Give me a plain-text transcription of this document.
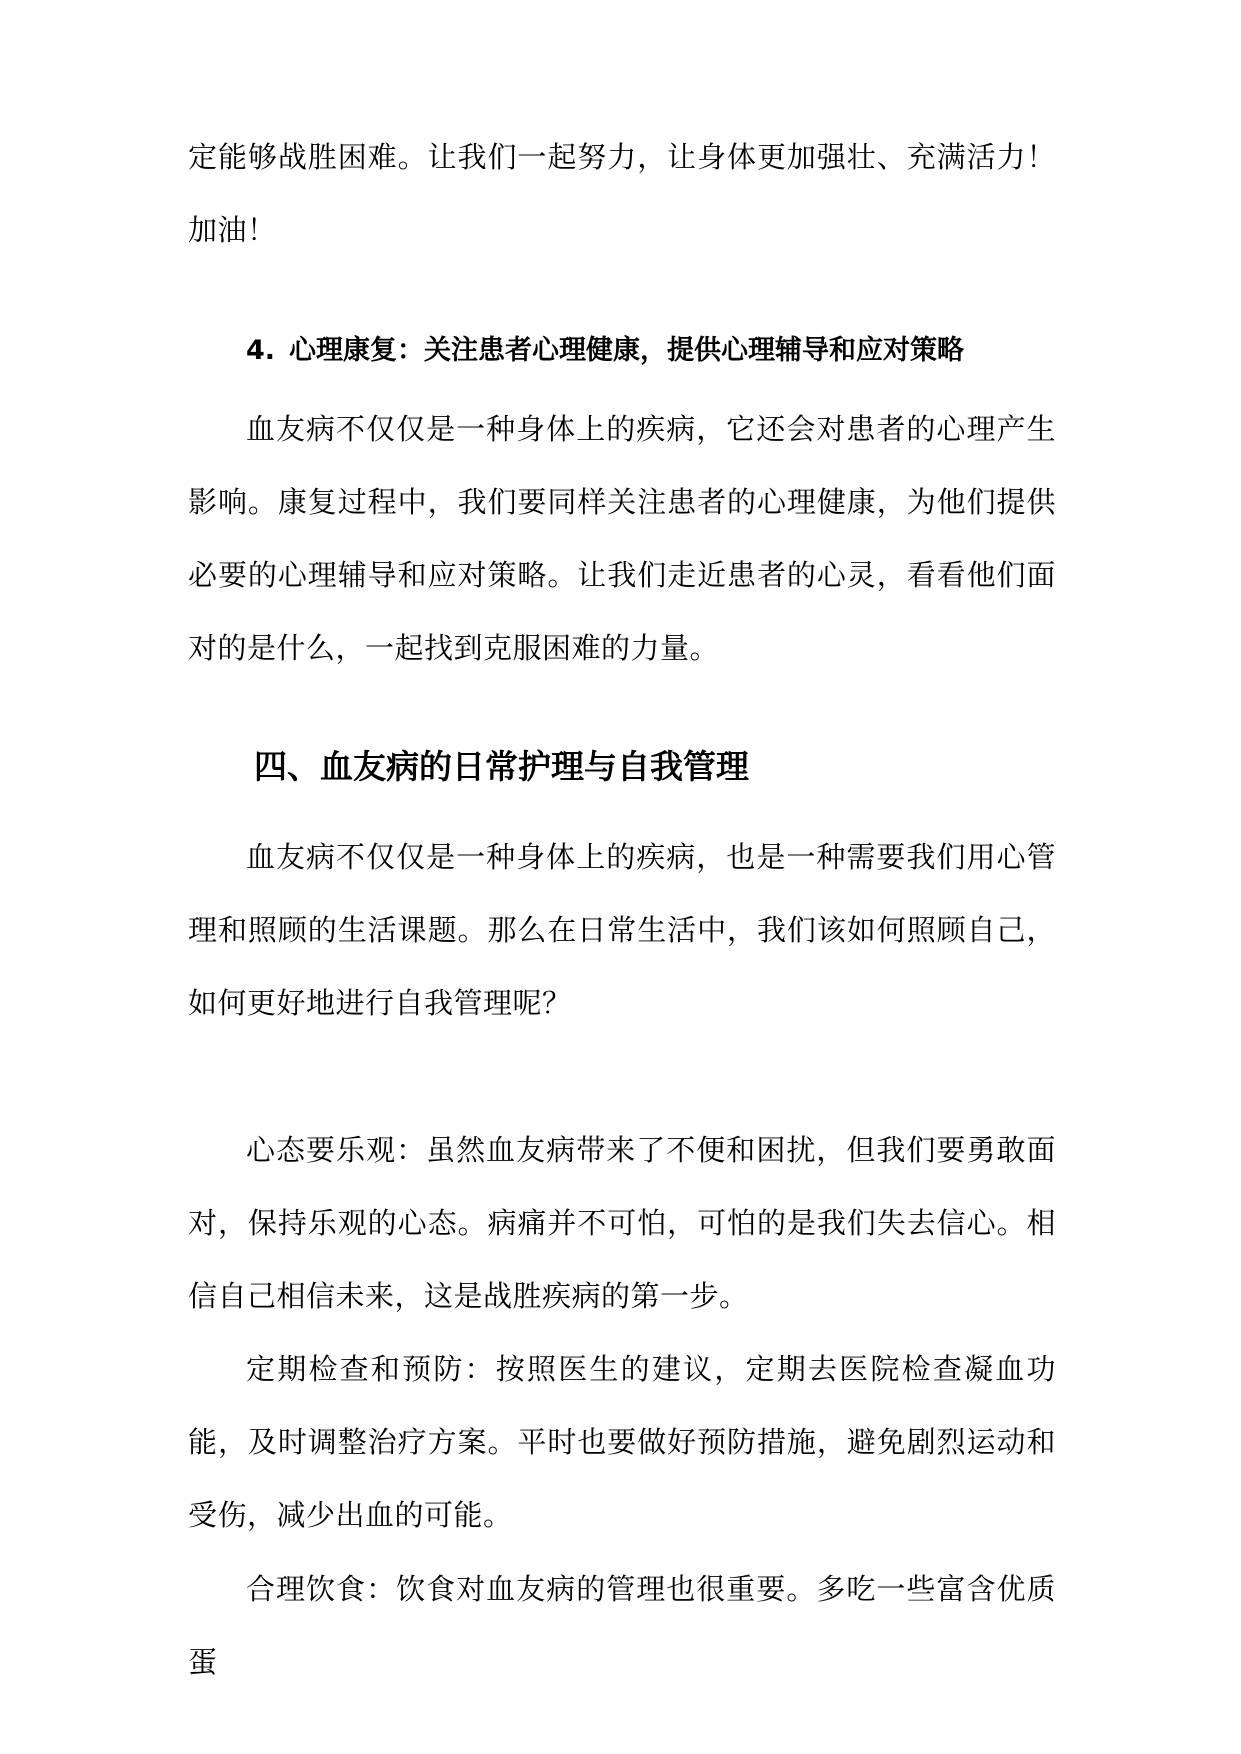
定能够战胜困难。让我们一起努力，让身体更加强壮、充满活力！加油！

4. 心理康复：关注患者心理健康，提供心理辅导和应对策略

血友病不仅仅是一种身体上的疾病，它还会对患者的心理产生影响。康复过程中，我们要同样关注患者的心理健康，为他们提供必要的心理辅导和应对策略。让我们走近患者的心灵，看看他们面对的是什么，一起找到克服困难的力量。

四、血友病的日常护理与自我管理

血友病不仅仅是一种身体上的疾病，也是一种需要我们用心管理和照顾的生活课题。那么在日常生活中，我们该如何照顾自己，如何更好地进行自我管理呢？

心态要乐观：虽然血友病带来了不便和困扰，但我们要勇敢面对，保持乐观的心态。病痛并不可怕，可怕的是我们失去信心。相信自己相信未来，这是战胜疾病的第一步。

定期检查和预防：按照医生的建议，定期去医院检查凝血功能，及时调整治疗方案。平时也要做好预防措施，避免剧烈运动和受伤，减少出血的可能。

合理饮食：饮食对血友病的管理也很重要。多吃一些富含优质蛋
